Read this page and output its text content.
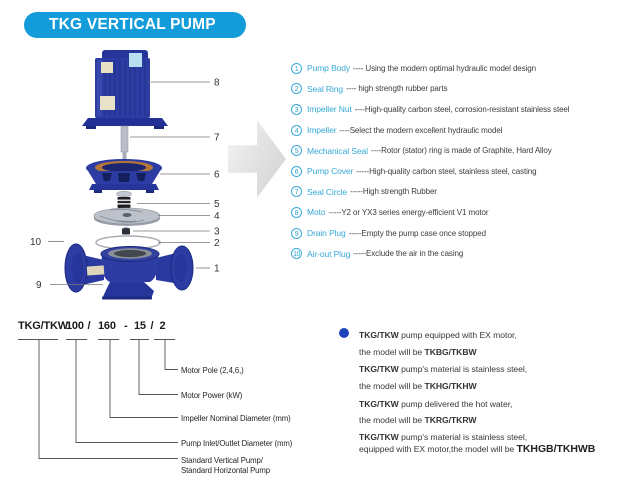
TKG VERTICAL PUMP
8
7
6
5
4
3
2
1
10
9
1	Pump Body ---- Using the modern optimal hydraulic model design
2	Seal Ring ---- high strength rubber parts
3	Impeller Nut ----High-quality carbon steel, corrosion-resistant stainless steel
4	Impeller ----Select the modern excellent hydraulic model
5	Mechanical Seal ----Rotor (stator) ring is made of Graphite, Hard Alloy
6	Pump Cover -----High-quality carbon steel, stainless steel, casting
7	Seal Circle -----High strength Rubber
8	Moto -----Y2 or YX3 series energy-efficient V1 motor
9	Drain Plug -----Empty the pump case once stopped
10 Air-out Plug -----Exclude the air in the casing
TKG/TKW
100 / 160 - 15 / 2
Motor Pole (2,4,6,)
Motor Power (kW)
Impeller Nominal Diameter (mm)
Pump Inlet/Outlet Diameter (mm)
Standard Vertical Pump/
Standard Horizontal Pump
TKG/TKW pump equipped with EX motor,
the model will be TKBG/TKBW
TKG/TKW pump's material is stainless steel,
the model will be TKHG/TKHW
TKG/TKW pump delivered the hot water,
the model will be TKRG/TKRW
TKG/TKW pump's material is stainless steel,
equipped with EX motor,the model will be TKHGB/TKHWB
